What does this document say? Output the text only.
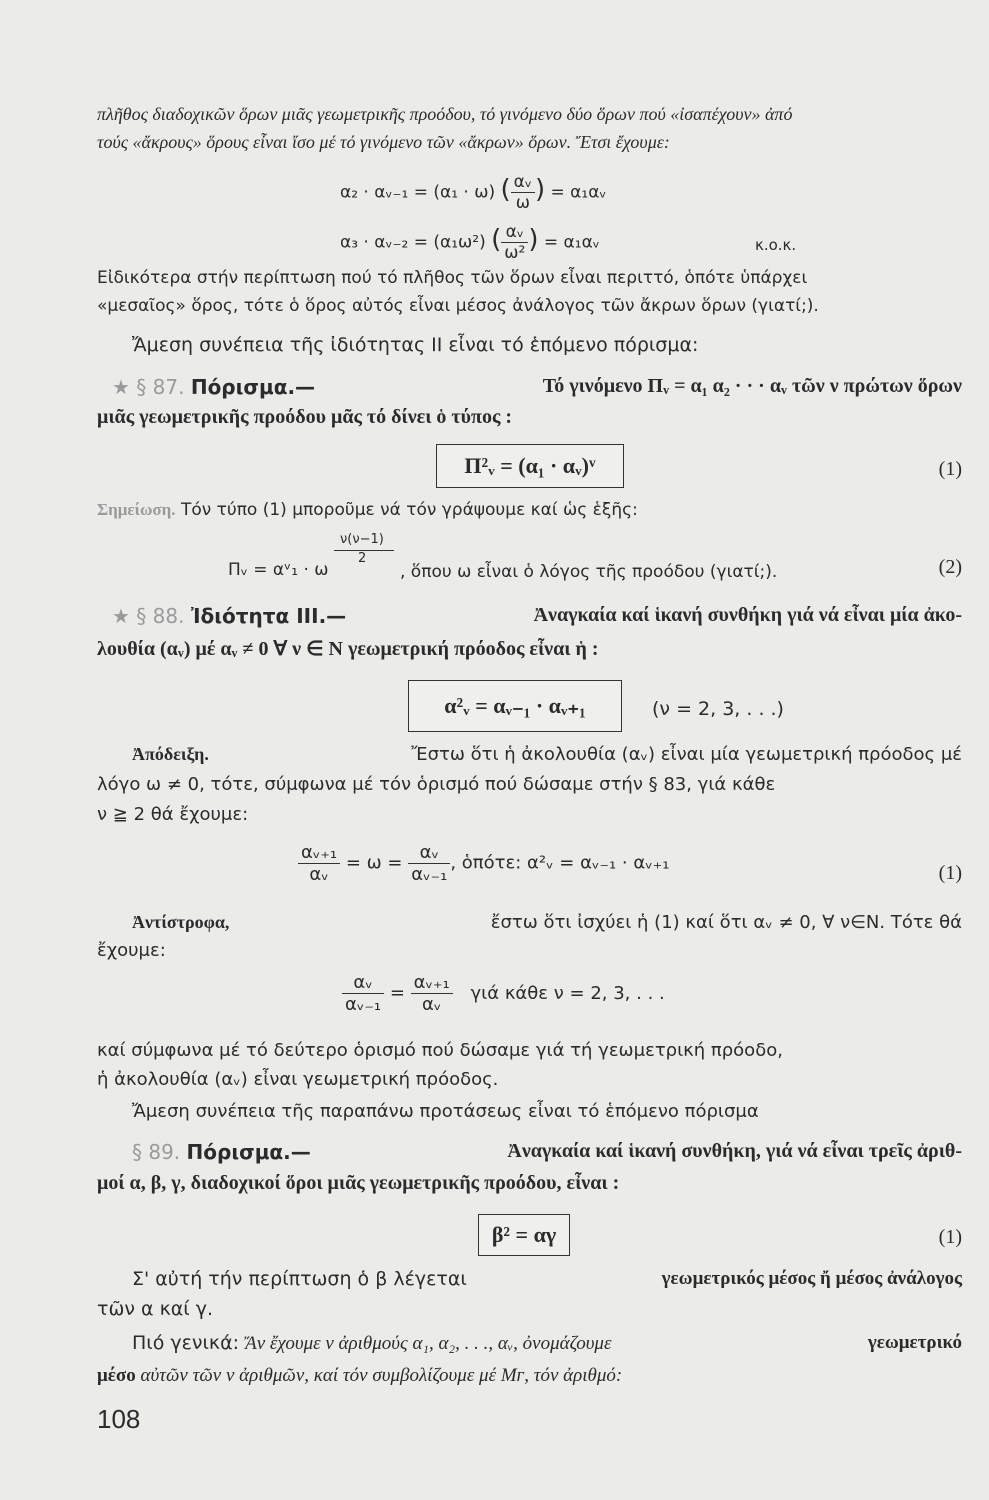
πλῆθος διαδοχικῶν ὅρων μιᾶς γεωμετρικῆς προόδου, τό γινόμενο δύο ὅρων πού «ἰσαπέχουν» ἀπό
τούς «ἄκρους» ὅρους εἶναι ἴσο μέ τό γινόμενο τῶν «ἄκρων» ὅρων. Ἔτσι ἔχουμε:
α₂ · αᵥ₋₁ = (α₁ · ω) ( $\frac{\text{αᵥ}}{\omega}$ ) = α₁αᵥ
α₃ · αᵥ₋₂ = (α₁ω²) ( $\frac{\text{αᵥ}}{\text{ω²}}$ ) = α₁αᵥ	κ.ο.κ.
Εἰδικότερα στήν περίπτωση πού τό πλῆθος τῶν ὅρων εἶναι περιττό, ὁπότε ὑπάρχει
«μεσαῖος» ὅρος, τότε ὁ ὅρος αὐτός εἶναι μέσος ἀνάλογος τῶν ἄκρων ὅρων (γιατί;).
Ἄμεση συνέπεια τῆς ἰδιότητας ΙΙ εἶναι τό ἑπόμενο πόρισμα:
★ § 87. Πόρισμα.—	Τό γινόμενο Πᵥ = α₁ α₂ · · · αᵥ τῶν ν πρώτων ὅρων
μιᾶς γεωμετρικῆς προόδου μᾶς τό δίνει ὁ τύπος :
Π²ᵥ = (α₁ · αᵥ)ᵛ	(1)
Σημείωση. Τόν τύπο (1) μπορoῦμε νά τόν γράψουμε καί ὡς ἑξῆς:
ν(ν−1)
2
Πᵥ = αᵛ₁ · ω	, ὅπου ω εἶναι ὁ λόγος τῆς προόδου (γιατί;).	(2)
★ § 88. Ἰδιότητα ΙΙΙ.—	Ἀναγκαία καί ἱκανή συνθήκη γιά νά εἶναι μία ἀκο-
λουθία (αᵥ) μέ αᵥ ≠ 0 ∀ ν ∈ Ν γεωμετρική πρόοδος εἶναι ἡ :
α²ᵥ = αᵥ₋₁ · αᵥ₊₁	(ν = 2, 3, . . .)
Ἀπόδειξη.	Ἔστω ὅτι ἡ ἀκολουθία (αᵥ) εἶναι μία γεωμετρική πρόοδος μέ
λόγο ω ≠ 0, τότε, σύμφωνα μέ τόν ὁρισμό πού δώσαμε στήν § 83, γιά κάθε
ν ≧ 2 θά ἔχουμε:
$\frac{\text{αᵥ₊₁}}{\text{αᵥ}} = \omega = \frac{\text{αᵥ}}{\text{αᵥ₋₁}}$ , ὁπότε: α²ᵥ = αᵥ₋₁ · αᵥ₊₁	(1)
Ἀντίστροφα,	ἔστω ὅτι ἰσχύει ἡ (1) καί ὅτι αᵥ ≠ 0, ∀ ν∈Ν. Τότε θά
ἔχουμε:
$\frac{\text{αᵥ}}{\text{αᵥ₋₁}} = \frac{\text{αᵥ₊₁}}{\text{αᵥ}}$ γιά κάθε ν = 2, 3, . . .
καί σύμφωνα μέ τό δεύτερο ὁρισμό πού δώσαμε γιά τή γεωμετρική πρόοδο,
ἡ ἀκολουθία (αᵥ) εἶναι γεωμετρική πρόοδος.
Ἄμεση συνέπεια τῆς παραπάνω προτάσεως εἶναι τό ἑπόμενο πόρισμα
§ 89. Πόρισμα.—	Ἀναγκαία καί ἱκανή συνθήκη, γιά νά εἶναι τρεῖς ἀριθ-
μοί α, β, γ, διαδοχικοί ὅροι μιᾶς γεωμετρικῆς προόδου, εἶναι :
β² = αγ	(1)
Σ' αὐτή τήν περίπτωση ὁ β λέγεται	γεωμετρικός μέσος ἤ μέσος ἀνάλογος
τῶν α καί γ.
Πιό γενικά: Ἄν ἔχουμε ν ἀριθμούς α₁, α₂, . . ., αᵥ, ὀνομάζουμε	γεωμετρικό
μέσο αὐτῶν τῶν ν ἀριθμῶν, καί τόν συμβολίζουμε μέ Mᴦ, τόν ἀριθμό:
108
